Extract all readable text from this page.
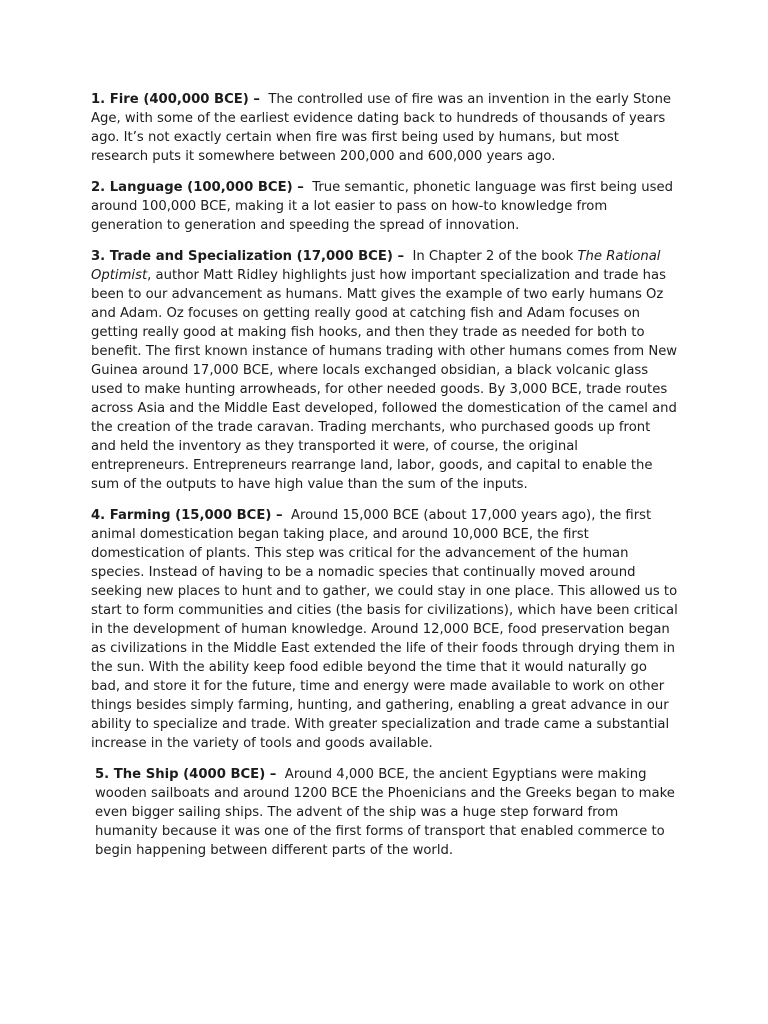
1. Fire (400,000 BCE) – The controlled use of fire was an invention in the early Stone Age, with some of the earliest evidence dating back to hundreds of thousands of years ago. It’s not exactly certain when fire was first being used by humans, but most research puts it somewhere between 200,000 and 600,000 years ago.

2. Language (100,000 BCE) – True semantic, phonetic language was first being used around 100,000 BCE, making it a lot easier to pass on how-to knowledge from generation to generation and speeding the spread of innovation.

3. Trade and Specialization (17,000 BCE) – In Chapter 2 of the book The Rational Optimist, author Matt Ridley highlights just how important specialization and trade has been to our advancement as humans. Matt gives the example of two early humans Oz and Adam. Oz focuses on getting really good at catching fish and Adam focuses on getting really good at making fish hooks, and then they trade as needed for both to benefit. The first known instance of humans trading with other humans comes from New Guinea around 17,000 BCE, where locals exchanged obsidian, a black volcanic glass used to make hunting arrowheads, for other needed goods. By 3,000 BCE, trade routes across Asia and the Middle East developed, followed the domestication of the camel and the creation of the trade caravan. Trading merchants, who purchased goods up front and held the inventory as they transported it were, of course, the original entrepreneurs. Entrepreneurs rearrange land, labor, goods, and capital to enable the sum of the outputs to have high value than the sum of the inputs.

4. Farming (15,000 BCE) – Around 15,000 BCE (about 17,000 years ago), the first animal domestication began taking place, and around 10,000 BCE, the first domestication of plants. This step was critical for the advancement of the human species. Instead of having to be a nomadic species that continually moved around seeking new places to hunt and to gather, we could stay in one place. This allowed us to start to form communities and cities (the basis for civilizations), which have been critical in the development of human knowledge. Around 12,000 BCE, food preservation began as civilizations in the Middle East extended the life of their foods through drying them in the sun. With the ability keep food edible beyond the time that it would naturally go bad, and store it for the future, time and energy were made available to work on other things besides simply farming, hunting, and gathering, enabling a great advance in our ability to specialize and trade. With greater specialization and trade came a substantial increase in the variety of tools and goods available.

5. The Ship (4000 BCE) – Around 4,000 BCE, the ancient Egyptians were making wooden sailboats and around 1200 BCE the Phoenicians and the Greeks began to make even bigger sailing ships. The advent of the ship was a huge step forward from humanity because it was one of the first forms of transport that enabled commerce to begin happening between different parts of the world.
